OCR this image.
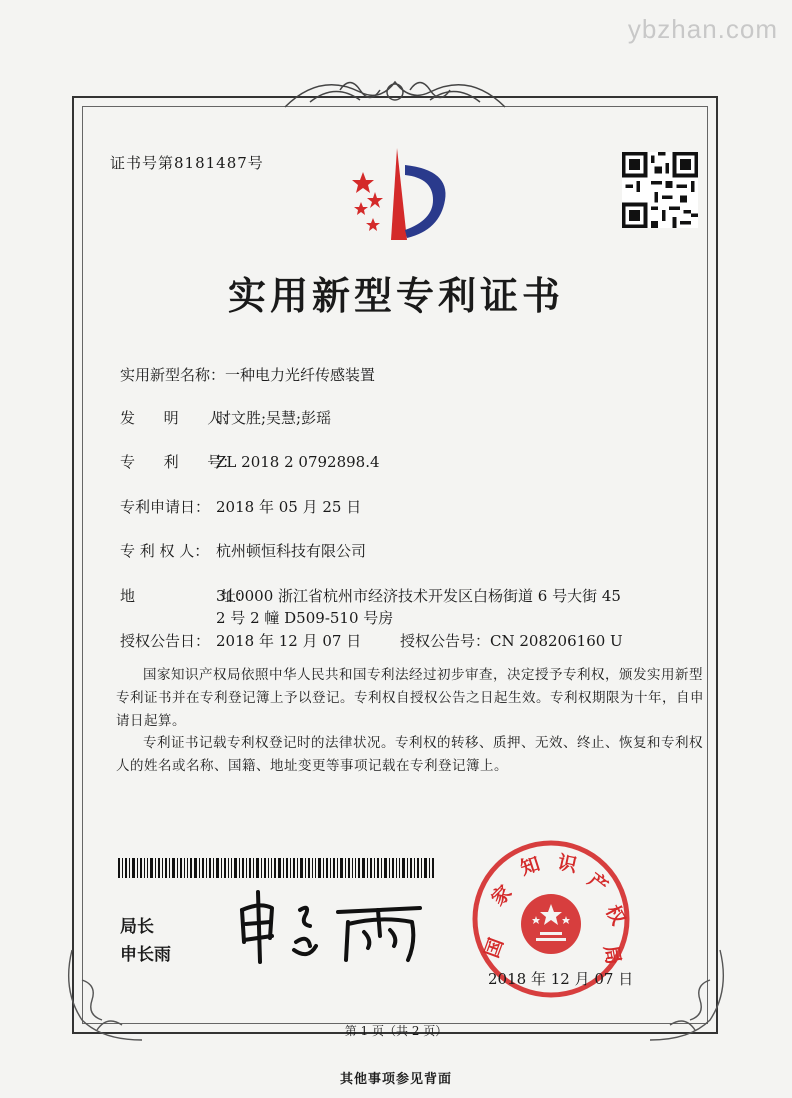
ybzhan.com
证书号第8181487号
实用新型专利证书
实用新型名称：一种电力光纤传感装置
发      明      人：时文胜;吴慧;彭瑶
专      利      号：ZL 2018 2 0792898.4
专利申请日： 2018 年 05 月 25 日
专 利 权 人： 杭州顿恒科技有限公司
地                  址：310000 浙江省杭州市经济技术开发区白杨街道 6 号大街 45
2 号 2 幢 D509-510 号房
授权公告日： 2018 年 12 月 07 日	授权公告号：CN 208206160 U
国家知识产权局依照中华人民共和国专利法经过初步审查，决定授予专利权，颁发实用新型专利证书并在专利登记簿上予以登记。专利权自授权公告之日起生效。专利权期限为十年，自申请日起算。
专利证书记载专利权登记时的法律状况。专利权的转移、质押、无效、终止、恢复和专利权人的姓名或名称、国籍、地址变更等事项记载在专利登记簿上。
局长
申长雨	国
家
知 识
产
权
局
2018 年 12 月 07 日
第 1 页（共 2 页）
其他事项参见背面
